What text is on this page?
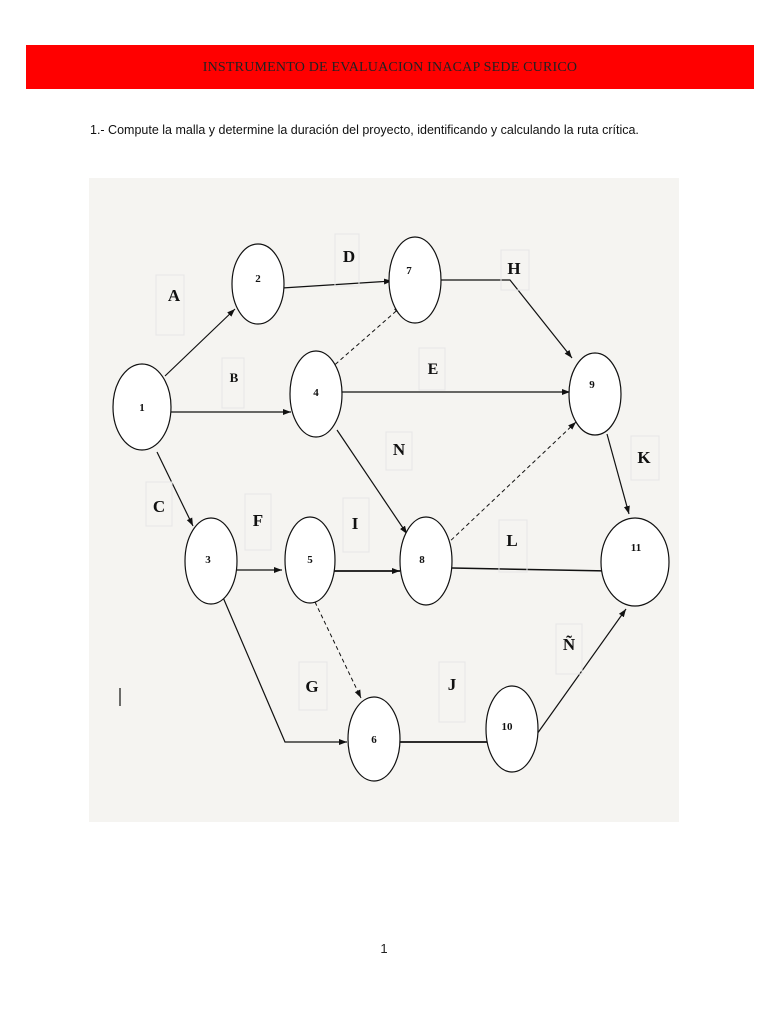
INSTRUMENTO DE EVALUACION INACAP SEDE CURICO
1.- Compute la malla y determine la duración del proyecto, identificando y calculando la ruta crítica.
1
2
3
4
5
6
7
8
9
10
11
A
B
C
D
E
F
G
H
I
J
K
L
N
Ñ
1
